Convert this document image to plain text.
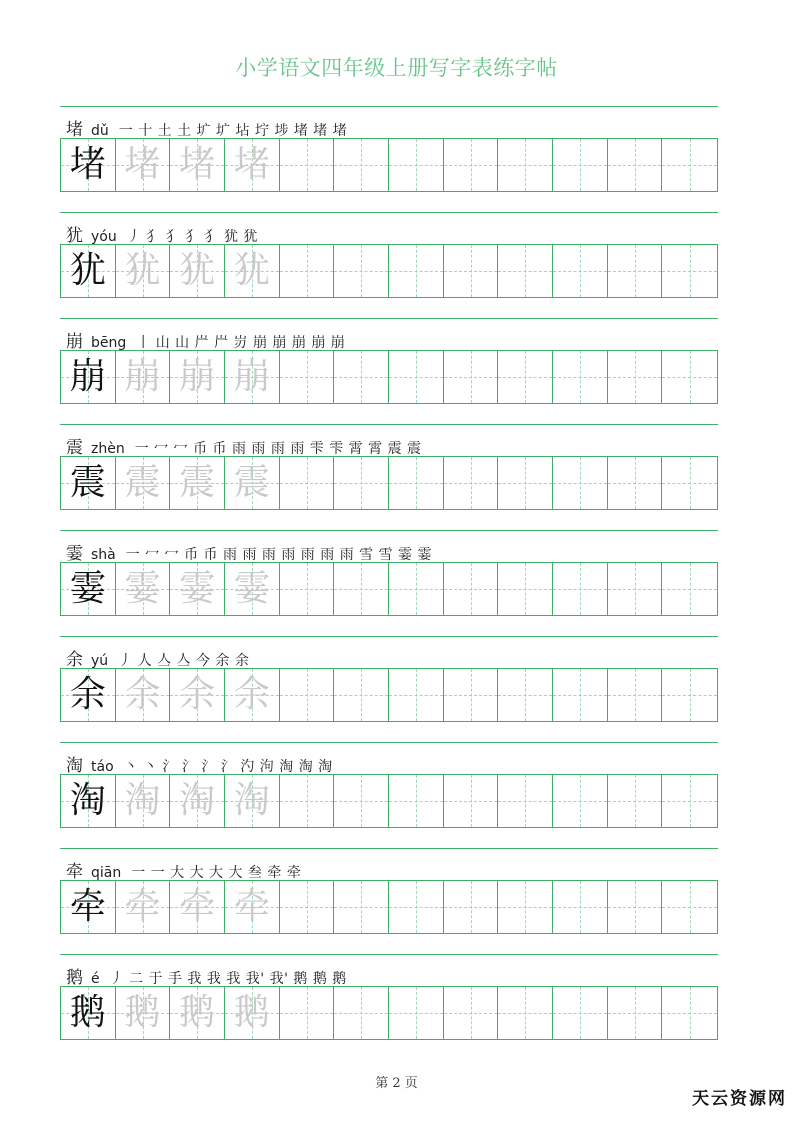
小学语文四年级上册写字表练字帖
堵 dǔ 一 十 土 土 圹 圹 坫 坾 埗 堵 堵 堵
堵 堵 堵 堵
犹 yóu 丿 犭 犭 犭 犭 犹 犹
犹 犹 犹 犹
崩 bēng 丨 山 山 屵 屵 岃 崩 崩 崩 崩 崩
崩 崩 崩 崩
震 zhèn 一 冖 冖 币 币 雨 雨 雨 雨 雫 雫 霄 霄 震 震
震 震 震 震
霎 shà 一 冖 冖 币 币 雨 雨 雨 雨 雨 雨 雨 雪 雪 霎 霎
霎 霎 霎 霎
余 yú 丿 人 亼 亼 今 余 余
余 余 余 余
淘 táo 丶 丶 氵 氵 氵 氵 汋 泃 淘 淘 淘
淘 淘 淘 淘
牵 qiān 一 一 大 大 大 大 叁 牵 牵
牵 牵 牵 牵
鹅 é 丿 二 于 手 我 我 我 我' 我' 鹅 鹅 鹅
鹅 鹅 鹅 鹅
第 2 页
天云资源网
